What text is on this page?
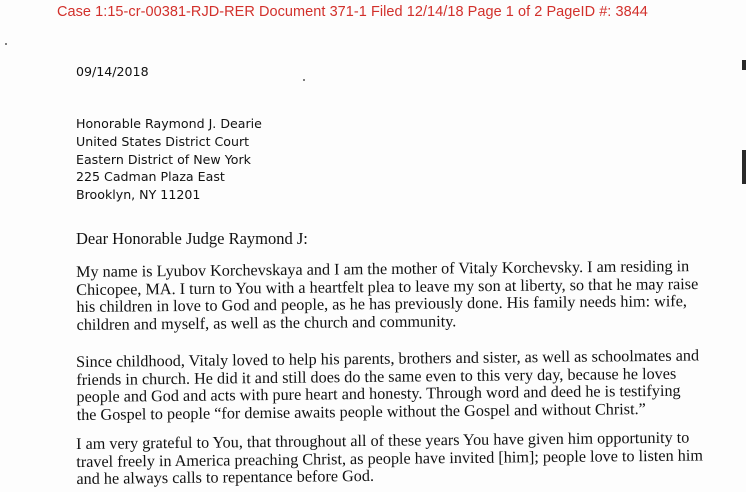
Case 1:15-cr-00381-RJD-RER Document 371-1 Filed 12/14/18 Page 1 of 2 PageID #: 3844
09/14/2018
Honorable Raymond J. Dearie
United States District Court
Eastern District of New York
225 Cadman Plaza East
Brooklyn, NY 11201
Dear Honorable Judge Raymond J:
My name is Lyubov Korchevskaya and I am the mother of Vitaly Korchevsky. I am residing in
Chicopee, MA. I turn to You with a heartfelt plea to leave my son at liberty, so that he may raise
his children in love to God and people, as he has previously done. His family needs him: wife,
children and myself, as well as the church and community.
Since childhood, Vitaly loved to help his parents, brothers and sister, as well as schoolmates and
friends in church. He did it and still does do the same even to this very day, because he loves
people and God and acts with pure heart and honesty. Through word and deed he is testifying
the Gospel to people “for demise awaits people without the Gospel and without Christ.”
I am very grateful to You, that throughout all of these years You have given him opportunity to
travel freely in America preaching Christ, as people have invited [him]; people love to listen him
and he always calls to repentance before God.
